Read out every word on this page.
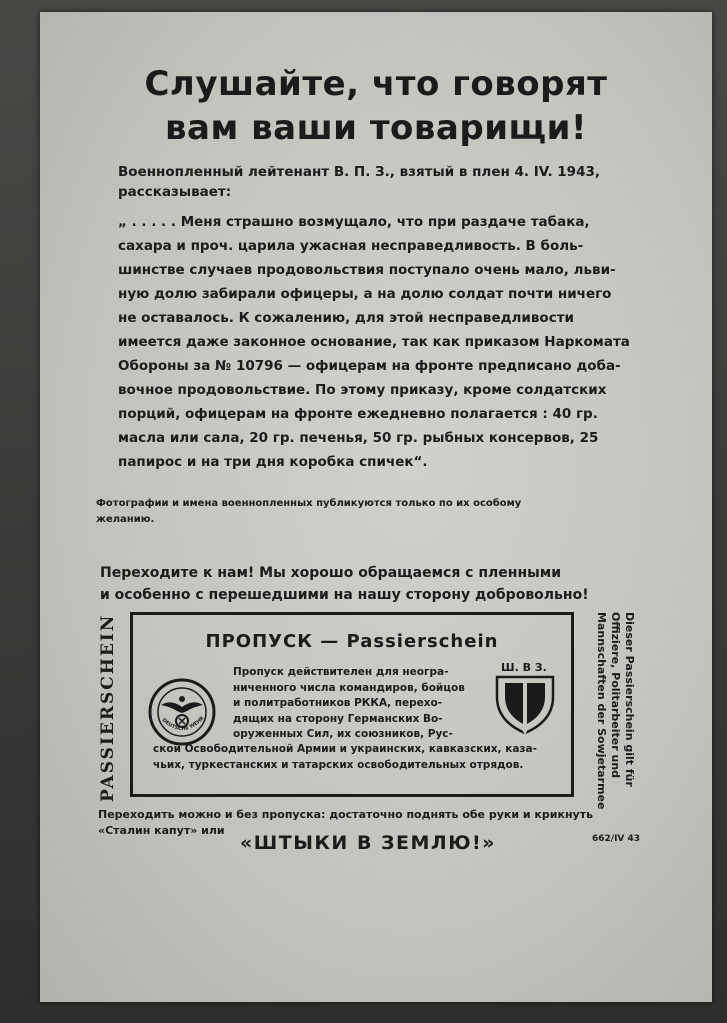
Слушайте, что говорят
вам ваши товарищи!
Военнопленный лейтенант В. П. З., взятый в плен 4. IV. 1943,
рассказывает:
„ . . . . . Меня страшно возмущало, что при раздаче табака,
сахара и проч. царила ужасная несправедливость. В боль-
шинстве случаев продовольствия поступало очень мало, льви-
ную долю забирали офицеры, а на долю солдат почти ничего
не оставалось. К сожалению, для этой несправедливости
имеется даже законное основание, так как приказом Наркомата
Обороны за № 10796 — офицерам на фронте предписано доба-
вочное продовольствие. По этому приказу, кроме солдатских
порций, офицерам на фронте ежедневно полагается : 40 гр.
масла или сала, 20 гр. печенья, 50 гр. рыбных консервов, 25
папирос и на три дня коробка спичек“.
Фотографии и имена военнопленных публикуются только по их особому
желанию.
Переходите к нам! Мы хорошо обращаемся с пленными
и особенно с перешедшими на нашу сторону добровольно!
PASSIERSCHEIN	ПРОПУСК — Passierschein
DEUTSCHE WEHR
Пропуск действителен для неогра-
ниченного числа командиров, бойцов
и политработников РККА, перехо-
дящих на сторону Германских Во-
оруженных Сил, их союзников, Рус-
Ш. В З.
ской Освободительной Армии и украинских, кавказских, каза-
чьих, туркестанских и татарских освободительных отрядов.	Dieser Passierschein gilt für
Offiziere, Politarbeiter und
Mannschaften der Sowjetarmee
Переходить можно и без пропуска: достаточно поднять обе руки и крикнуть
«Сталин капут» или
«ШТЫКИ В ЗЕМЛЮ!»	662/IV 43
